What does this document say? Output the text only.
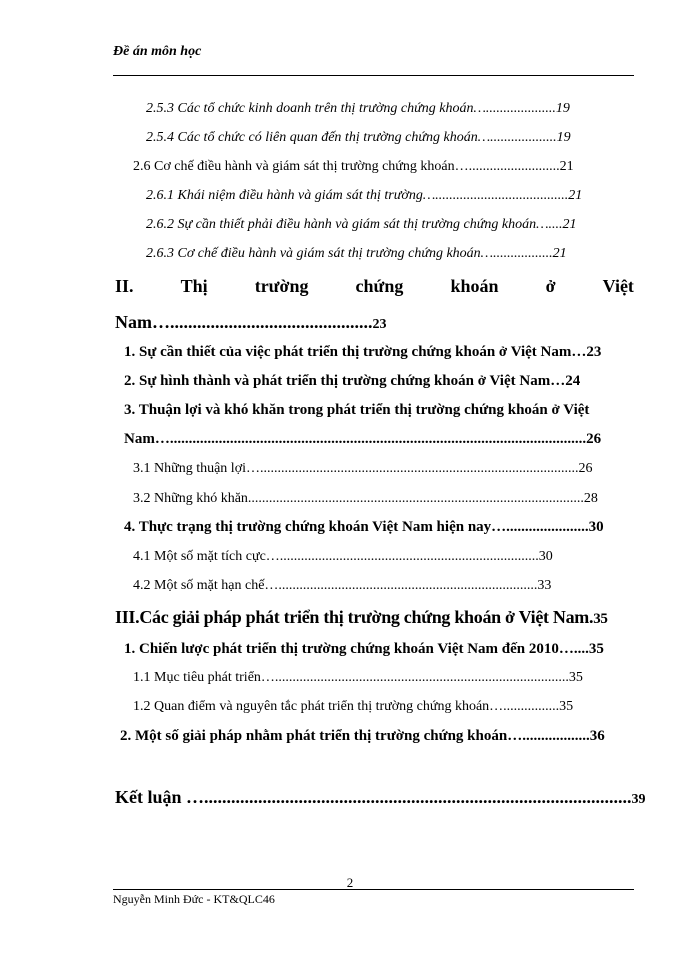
Đề án môn học
2.5.3 Các tổ chức kinh doanh trên thị trường chứng khoán…....................19
2.5.4 Các tổ chức có liên quan đến thị trường chứng khoán…...................19
2.6 Cơ chế điều hành và giám sát thị trường chứng khoán…..........................21
2.6.1 Khái niệm điều hành và giám sát thị trường…......................................21
2.6.2 Sự cần thiết phải điều hành và giám sát thị trường chứng khoán…....21
2.6.3 Cơ chế điều hành và giám sát thị trường chứng khoán….................21
II.	Thị	trường	chứng	khoán	ở	Việt
Nam….............................................23
1. Sự cần thiết của việc phát triển thị trường chứng khoán ở Việt Nam…23
2. Sự hình thành và phát triển thị trường chứng khoán ở Việt Nam…24
3. Thuận lợi và khó khăn trong phát triển thị trường chứng khoán ở Việt
Nam…...............................................................................................................26
3.1 Những thuận lợi…...........................................................................................26
3.2 Những khó khăn................................................................................................28
4. Thực trạng thị trường chứng khoán Việt Nam hiện nay…......................30
4.1 Một số mặt tích cực…..........................................................................30
4.2 Một số mặt hạn chế…..........................................................................33
III.Các giải pháp phát triển thị trường chứng khoán ở Việt Nam.35
1. Chiến lược phát triển thị trường chứng khoán Việt Nam đến 2010…....35
1.1 Mục tiêu phát triển…....................................................................................35
1.2 Quan điểm và nguyên tắc phát triển thị trường chứng khoán…................35
2. Một số giải pháp nhằm phát triển thị trường chứng khoán…..................36
Kết luận …...............................................................................................39
2
Nguyễn Minh Đức - KT&QLC46
